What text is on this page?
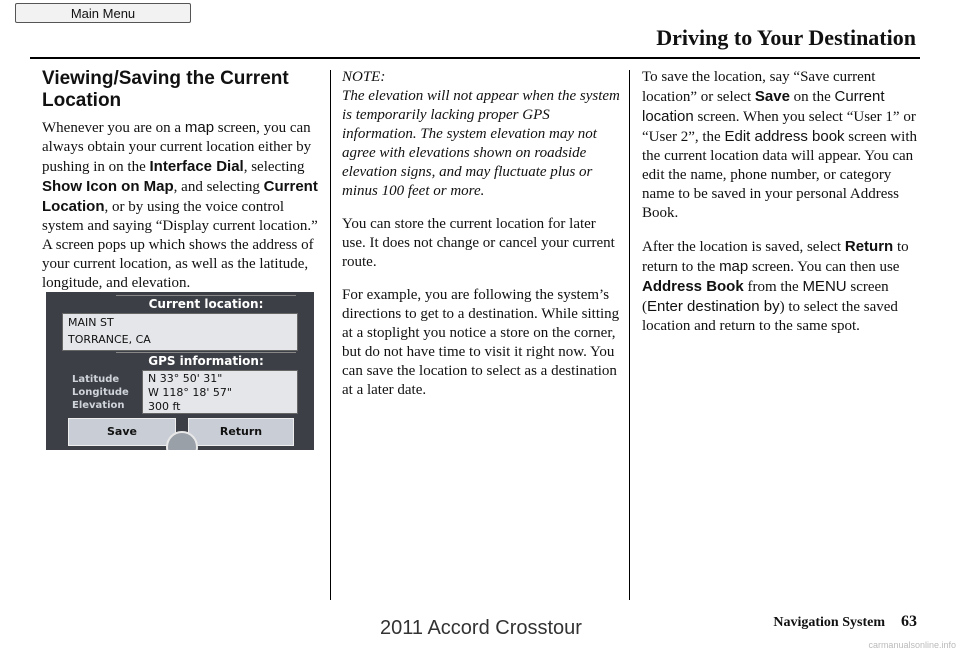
Main Menu
Driving to Your Destination
Viewing/Saving the Current Location

Whenever you are on a map screen, you can always obtain your current location either by pushing in on the Interface Dial, selecting Show Icon on Map, and selecting Current Location, or by using the voice control system and saying “Display current location.” A screen pops up which shows the address of your current location, as well as the latitude, longitude, and elevation.

Current location:
MAIN ST
TORRANCE, CA
GPS information:
Latitude
Longitude
Elevation
N 33° 50' 31"
W 118° 18' 57"
300 ft
Save	Return

NOTE:

The elevation will not appear when the system is temporarily lacking proper GPS information. The system elevation may not agree with elevations shown on roadside elevation signs, and may fluctuate plus or minus 100 feet or more.

You can store the current location for later use. It does not change or cancel your current route.

For example, you are following the system’s directions to get to a destination. While sitting at a stoplight you notice a store on the corner, but do not have time to visit it right now. You can save the location to select as a destination at a later date.

To save the location, say “Save current location” or select Save on the Current location screen. When you select “User 1” or “User 2”, the Edit address book screen with the current location data will appear. You can edit the name, phone number, or category name to be saved in your personal Address Book.

After the location is saved, select Return to return to the map screen. You can then use Address Book from the MENU screen (Enter destination by) to select the saved location and return to the same spot.

Navigation System 63
2011 Accord Crosstour
carmanualsonline.info
